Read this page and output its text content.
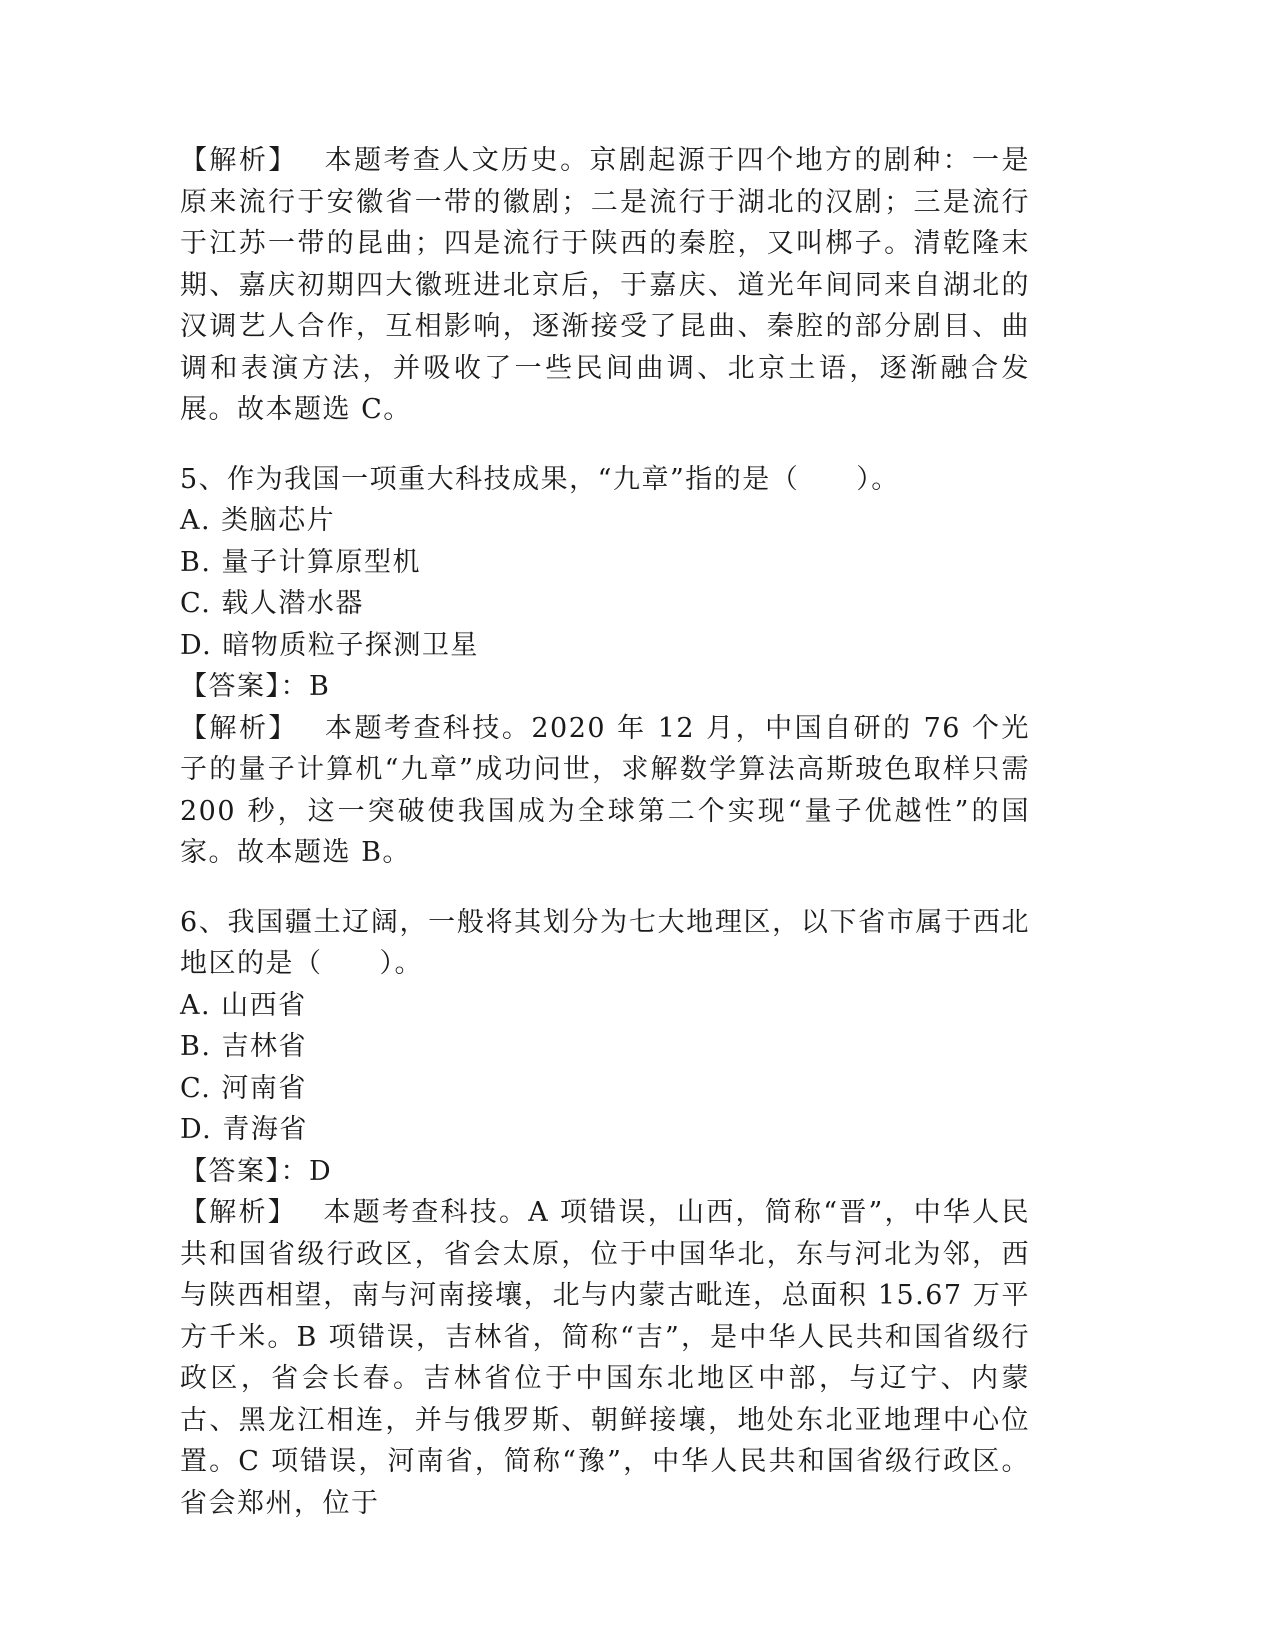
【解析】　 本题考查人文历史。京剧起源于四个地方的剧种：一是原来流行于安徽省一带的徽剧；二是流行于湖北的汉剧；三是流行于江苏一带的昆曲；四是流行于陕西的秦腔，又叫梆子。清乾隆末期、嘉庆初期四大徽班进北京后，于嘉庆、道光年间同来自湖北的汉调艺人合作，互相影响，逐渐接受了昆曲、秦腔的部分剧目、曲调和表演方法，并吸收了一些民间曲调、北京土语，逐渐融合发展。故本题选 C。

5、作为我国一项重大科技成果，“九章”指的是（　　）。

A. 类脑芯片

B. 量子计算原型机

C. 载人潜水器

D. 暗物质粒子探测卫星

【答案】：B

【解析】　 本题考查科技。2020 年 12 月，中国自研的 76 个光子的量子计算机“九章”成功问世，求解数学算法高斯玻色取样只需 200 秒，这一突破使我国成为全球第二个实现“量子优越性”的国家。故本题选 B。

6、我国疆土辽阔，一般将其划分为七大地理区，以下省市属于西北地区的是（　　）。

A. 山西省

B. 吉林省

C. 河南省

D. 青海省

【答案】：D

【解析】　 本题考查科技。A 项错误，山西，简称“晋”，中华人民共和国省级行政区，省会太原，位于中国华北，东与河北为邻，西与陕西相望，南与河南接壤，北与内蒙古毗连，总面积 15.67 万平方千米。B 项错误，吉林省，简称“吉”，是中华人民共和国省级行政区，省会长春。吉林省位于中国东北地区中部，与辽宁、内蒙古、黑龙江相连，并与俄罗斯、朝鲜接壤，地处东北亚地理中心位置。C 项错误，河南省，简称“豫”，中华人民共和国省级行政区。省会郑州，位于
